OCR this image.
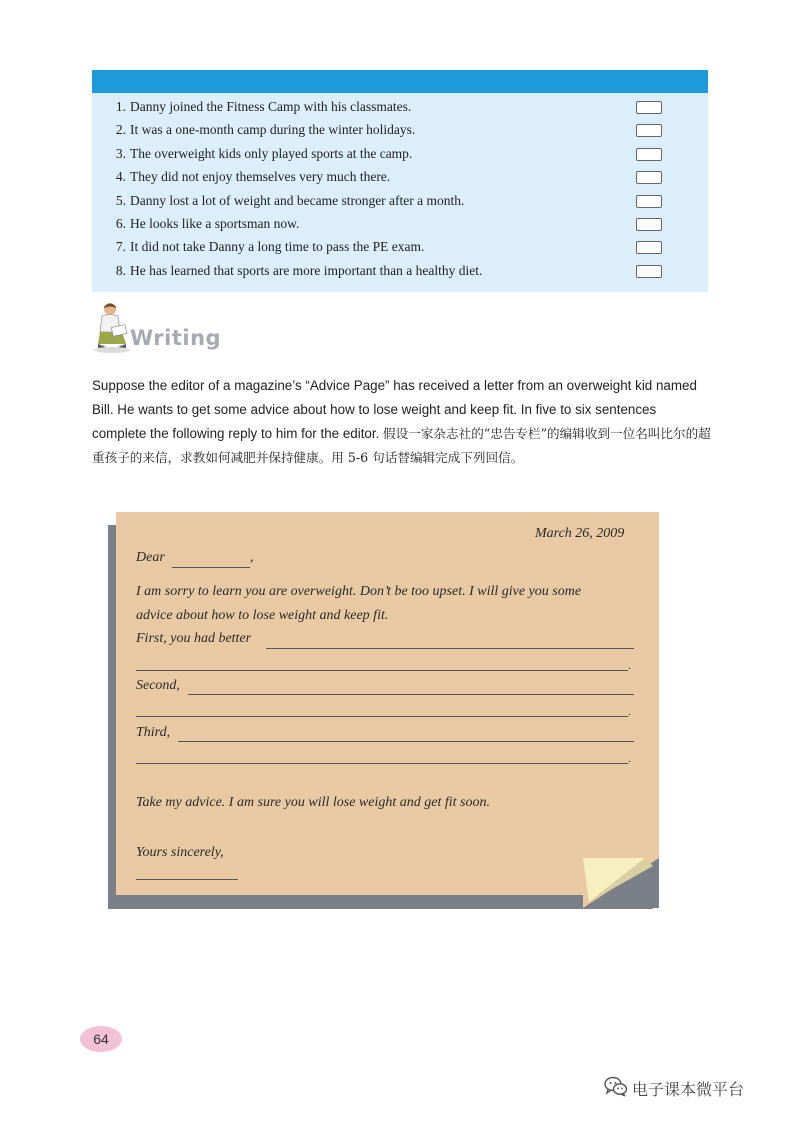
1. Danny joined the Fitness Camp with his classmates.
2. It was a one-month camp during the winter holidays.
3. The overweight kids only played sports at the camp.
4. They did not enjoy themselves very much there.
5. Danny lost a lot of weight and became stronger after a month.
6. He looks like a sportsman now.
7. It did not take Danny a long time to pass the PE exam.
8. He has learned that sports are more important than a healthy diet.
Writing
Suppose the editor of a magazine’s “Advice Page” has received a letter from an overweight kid named Bill. He wants to get some advice about how to lose weight and keep fit. In five to six sentences complete the following reply to him for the editor. 假设一家杂志社的“忠告专栏”的编辑收到一位名叫比尔的超重孩子的来信，求教如何减肥并保持健康。用 5-6 句话替编辑完成下列回信。
March 26, 2009
Dear	,
I am sorry to learn you are overweight. Don’t be too upset. I will give you some
advice about how to lose weight and keep fit.
First, you had better
.
Second,
.
Third,
.
Take my advice. I am sure you will lose weight and get fit soon.
Yours sincerely,
64
电子课本微平台
